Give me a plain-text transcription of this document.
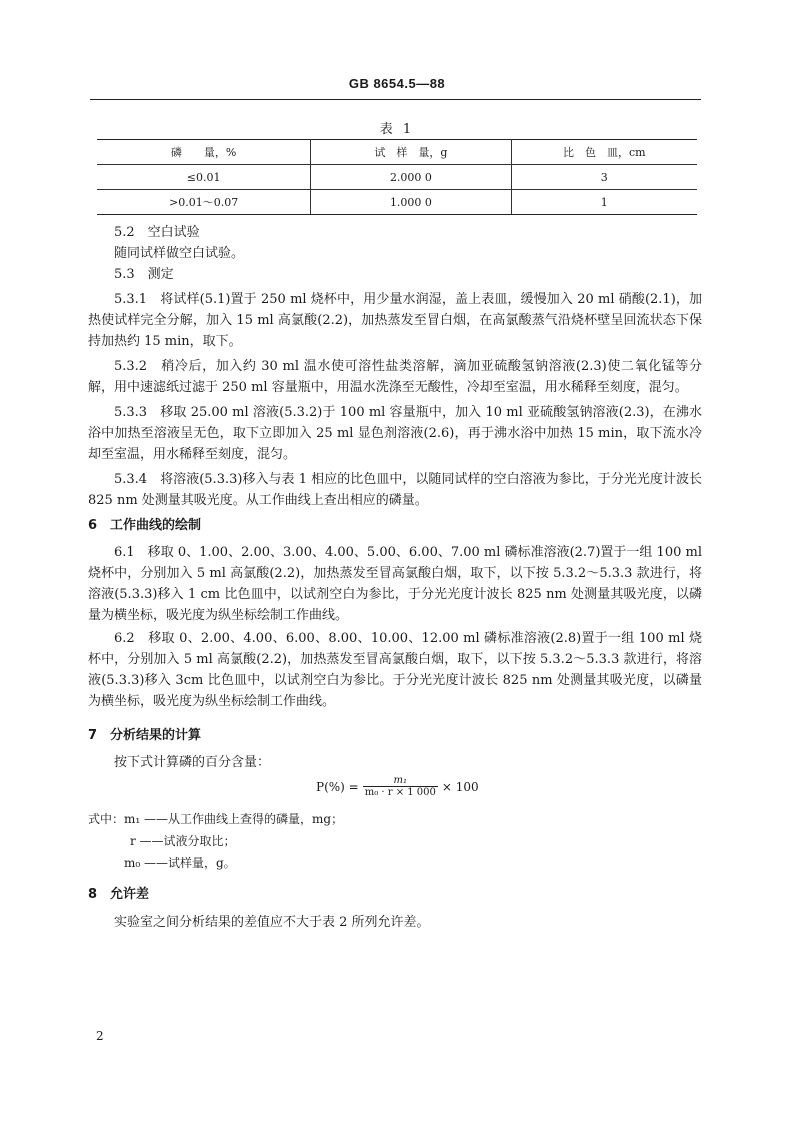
GB 8654.5—88
表 1
磷　　量，%	试　样　量，g	比　色　皿，cm
≤0.01	2.000 0	3
>0.01～0.07	1.000 0	1

5.2　空白试验

随同试样做空白试验。

5.3　测定

5.3.1　将试样(5.1)置于 250 ml 烧杯中，用少量水润湿，盖上表皿，缓慢加入 20 ml 硝酸(2.1)，加热使试样完全分解，加入 15 ml 高氯酸(2.2)，加热蒸发至冒白烟，在高氯酸蒸气沿烧杯壁呈回流状态下保持加热约 15 min，取下。

5.3.2　稍冷后，加入约 30 ml 温水使可溶性盐类溶解，滴加亚硫酸氢钠溶液(2.3)使二氧化锰等分解，用中速滤纸过滤于 250 ml 容量瓶中，用温水洗涤至无酸性，冷却至室温，用水稀释至刻度，混匀。

5.3.3　移取 25.00 ml 溶液(5.3.2)于 100 ml 容量瓶中，加入 10 ml 亚硫酸氢钠溶液(2.3)，在沸水浴中加热至溶液呈无色，取下立即加入 25 ml 显色剂溶液(2.6)，再于沸水浴中加热 15 min，取下流水冷却至室温，用水稀释至刻度，混匀。

5.3.4　将溶液(5.3.3)移入与表 1 相应的比色皿中，以随同试样的空白溶液为参比，于分光光度计波长 825 nm 处测量其吸光度。从工作曲线上查出相应的磷量。

6　工作曲线的绘制

6.1　移取 0、1.00、2.00、3.00、4.00、5.00、6.00、7.00 ml 磷标准溶液(2.7)置于一组 100 ml 烧杯中，分别加入 5 ml 高氯酸(2.2)，加热蒸发至冒高氯酸白烟，取下，以下按 5.3.2～5.3.3 款进行，将溶液(5.3.3)移入 1 cm 比色皿中，以试剂空白为参比，于分光光度计波长 825 nm 处测量其吸光度，以磷量为横坐标，吸光度为纵坐标绘制工作曲线。

6.2　移取 0、2.00、4.00、6.00、8.00、10.00、12.00 ml 磷标准溶液(2.8)置于一组 100 ml 烧杯中，分别加入 5 ml 高氯酸(2.2)，加热蒸发至冒高氯酸白烟，取下，以下按 5.3.2～5.3.3 款进行，将溶液(5.3.3)移入 3cm 比色皿中，以试剂空白为参比。于分光光度计波长 825 nm 处测量其吸光度，以磷量为横坐标，吸光度为纵坐标绘制工作曲线。

7　分析结果的计算

按下式计算磷的百分含量：

$P(\%) = \frac{\text{m₁}}{\text{m₀ · r × 1 000}} \times 100$

式中：m₁ ——从工作曲线上查得的磷量，mg；

r ——试液分取比；

m₀ ——试样量，g。

8　允许差

实验室之间分析结果的差值应不大于表 2 所列允许差。

2
